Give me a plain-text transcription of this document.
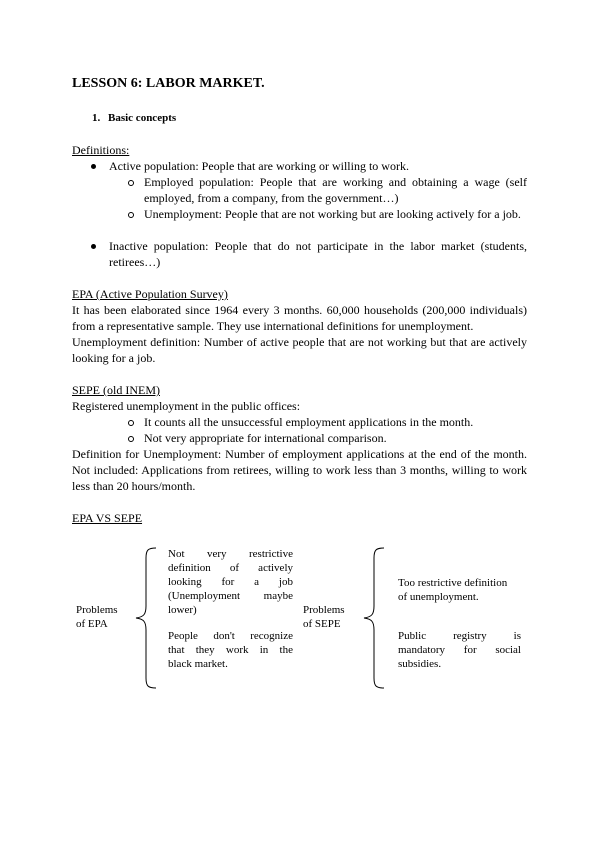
LESSON 6: LABOR MARKET.
1. Basic concepts
Definitions:
Active population: People that are working or willing to work.
Employed population: People that are working and obtaining a wage (self
employed, from a company, from the government…)
Unemployment: People that are not working but are looking actively for a job.
Inactive population: People that do not participate in the labor market (students,
retirees…)
EPA (Active Population Survey)
It has been elaborated since 1964 every 3 months. 60,000 households (200,000 individuals)
from a representative sample. They use international definitions for unemployment.
Unemployment definition: Number of active people that are not working but that are actively
looking for a job.
SEPE (old INEM)
Registered unemployment in the public offices:
It counts all the unsuccessful employment applications in the month.
Not very appropriate for international comparison.
Definition for Unemployment: Number of employment applications at the end of the month.
Not included: Applications from retirees, willing to work less than 3 months, willing to work
less than 20 hours/month.
EPA VS SEPE
Problems
of EPA
Not very restrictive
definition of actively
looking for a job
(Unemployment maybe
lower)
People don't recognize
that they work in the
black market.
Problems
of SEPE
Too restrictive definition
of unemployment.
Public registry is
mandatory for social
subsidies.
